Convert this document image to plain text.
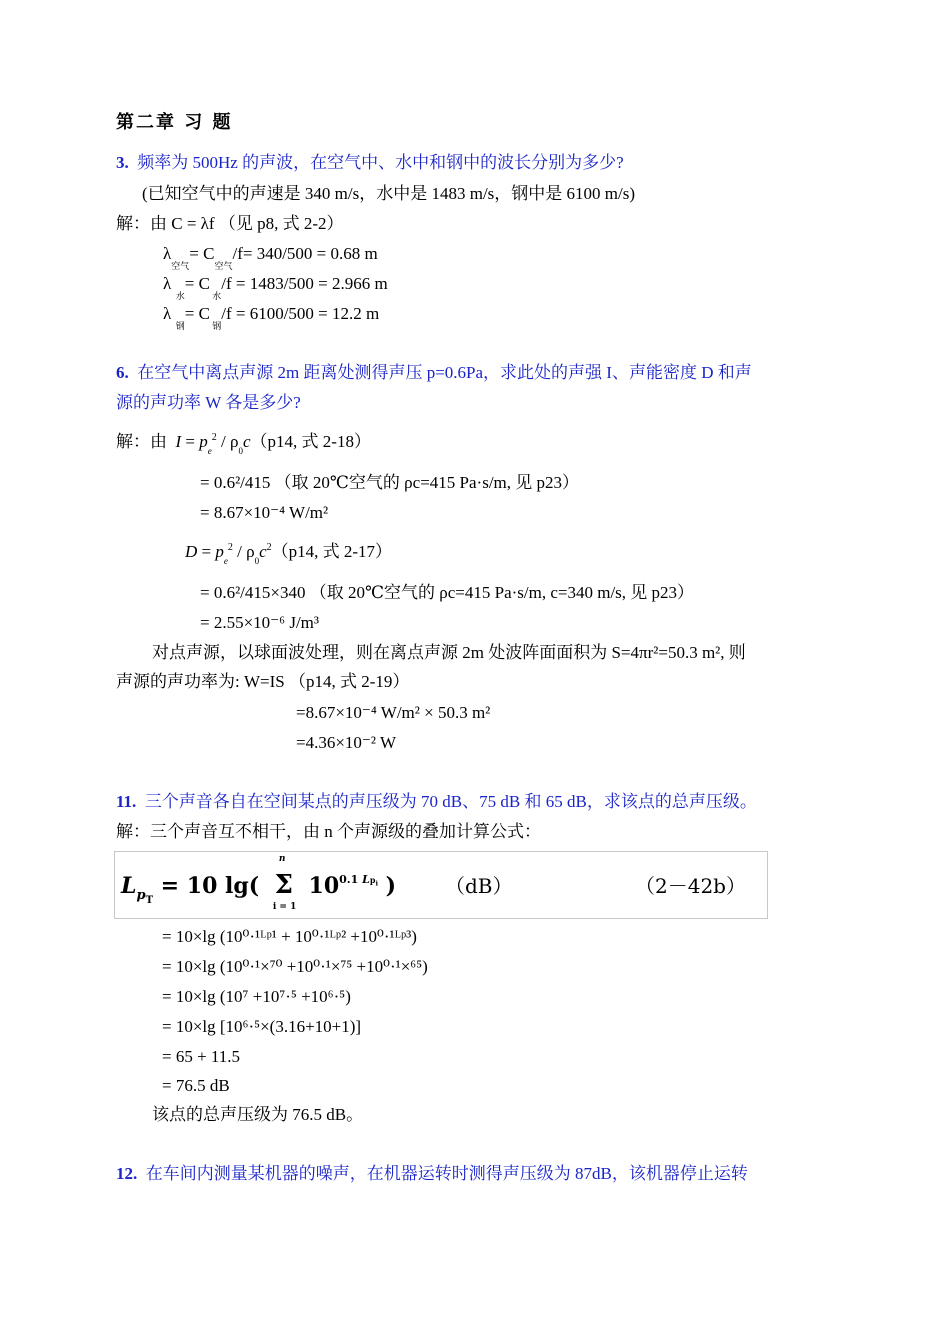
第二章 习 题
3. 频率为 500Hz 的声波，在空气中、水中和钢中的波长分别为多少?
(已知空气中的声速是 340 m/s，水中是 1483 m/s，钢中是 6100 m/s)
解：由 C = λf （见 p8, 式 2-2）
$\lambda_{空气}= C_{空气}/f= 340/500 = 0.68$ m
λ  $_水$= C $_水$/f = 1483/500 = 2.966 m
λ  $_钢$= C $_钢$/f = 6100/500 = 12.2 m
6. 在空气中离点声源 2m 距离处测得声压 p=0.6Pa，求此处的声强 I、声能密度 D 和声
源的声功率 W 各是多少?
解：由 $I = p_e^2 / \rho_0c(p14$, 式 2-18）
= 0.6²/415 （取 20℃空气的 ρc=415 Pa·s/m, 见 p23）
= 8.67×10⁻⁴ W/m²
$D = p_e^2 / \rho_0c^2(p14$, 式 2-17）
= 0.6²/415×340 （取 20℃空气的 ρc=415 Pa·s/m, c=340 m/s, 见 p23）
= 2.55×10⁻⁶ J/m³
对点声源，以球面波处理，则在离点声源 2m 处波阵面面积为 S=4πr²=50.3 m², 则
声源的声功率为: W=IS （p14, 式 2-19）
=8.67×10⁻⁴ W/m² × 50.3 m²
=4.36×10⁻² W
11. 三个声音各自在空间某点的声压级为 70 dB、75 dB 和 65 dB，求该点的总声压级。
解：三个声音互不相干，由 n 个声源级的叠加计算公式：
$L_{p_T} = 10$ lg(
n
Σ
i = 1
$10^{0.1 Lp_i}$ ) （dB）	（2－42b）
= 10×lg (10⁰·¹ᴸᵖ¹ + 10⁰·¹ᴸᵖ² +10⁰·¹ᴸᵖ³)
= 10×lg (10⁰·¹×⁷⁰ +10⁰·¹×⁷⁵ +10⁰·¹×⁶⁵)
= 10×lg (10⁷ +10⁷·⁵ +10⁶·⁵)
= 10×lg [10⁶·⁵×(3.16+10+1)]
= 65 + 11.5
= 76.5 dB
该点的总声压级为 76.5 dB。
12. 在车间内测量某机器的噪声，在机器运转时测得声压级为 87dB，该机器停止运转
